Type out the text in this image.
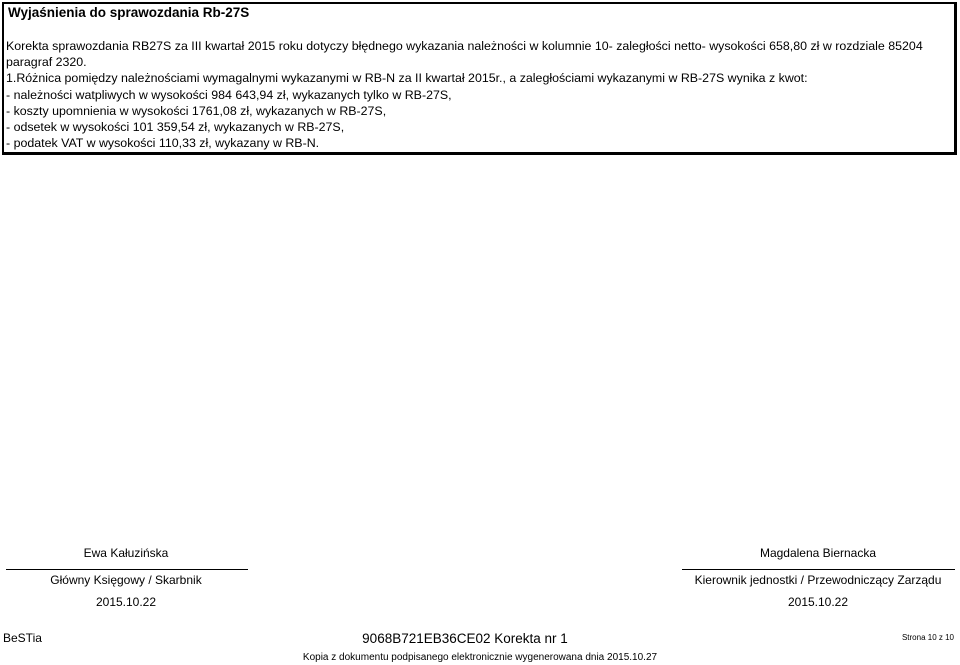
Wyjaśnienia do sprawozdania Rb-27S
Korekta sprawozdania RB27S za III kwartał 2015 roku dotyczy błędnego wykazania należności w kolumnie 10- zaległości netto- wysokości 658,80 zł w rozdziale 85204
paragraf 2320.
1.Różnica pomiędzy należnościami wymagalnymi wykazanymi w RB-N za II kwartał 2015r., a zaległościami wykazanymi w RB-27S wynika z kwot:
- należności watpliwych w wysokości 984 643,94 zł, wykazanych tylko w RB-27S,
- koszty upomnienia w wysokości 1761,08 zł, wykazanych w RB-27S,
- odsetek w wysokości 101 359,54 zł, wykazanych w RB-27S,
- podatek VAT w wysokości 110,33 zł, wykazany w RB-N.
Ewa Kałuzińska
Główny Księgowy / Skarbnik
2015.10.22
Magdalena Biernacka
Kierownik jednostki / Przewodniczący Zarządu
2015.10.22
BeSTia	9068B721EB36CE02 Korekta nr 1	Strona 10 z 10
Kopia z dokumentu podpisanego elektronicznie wygenerowana dnia 2015.10.27
